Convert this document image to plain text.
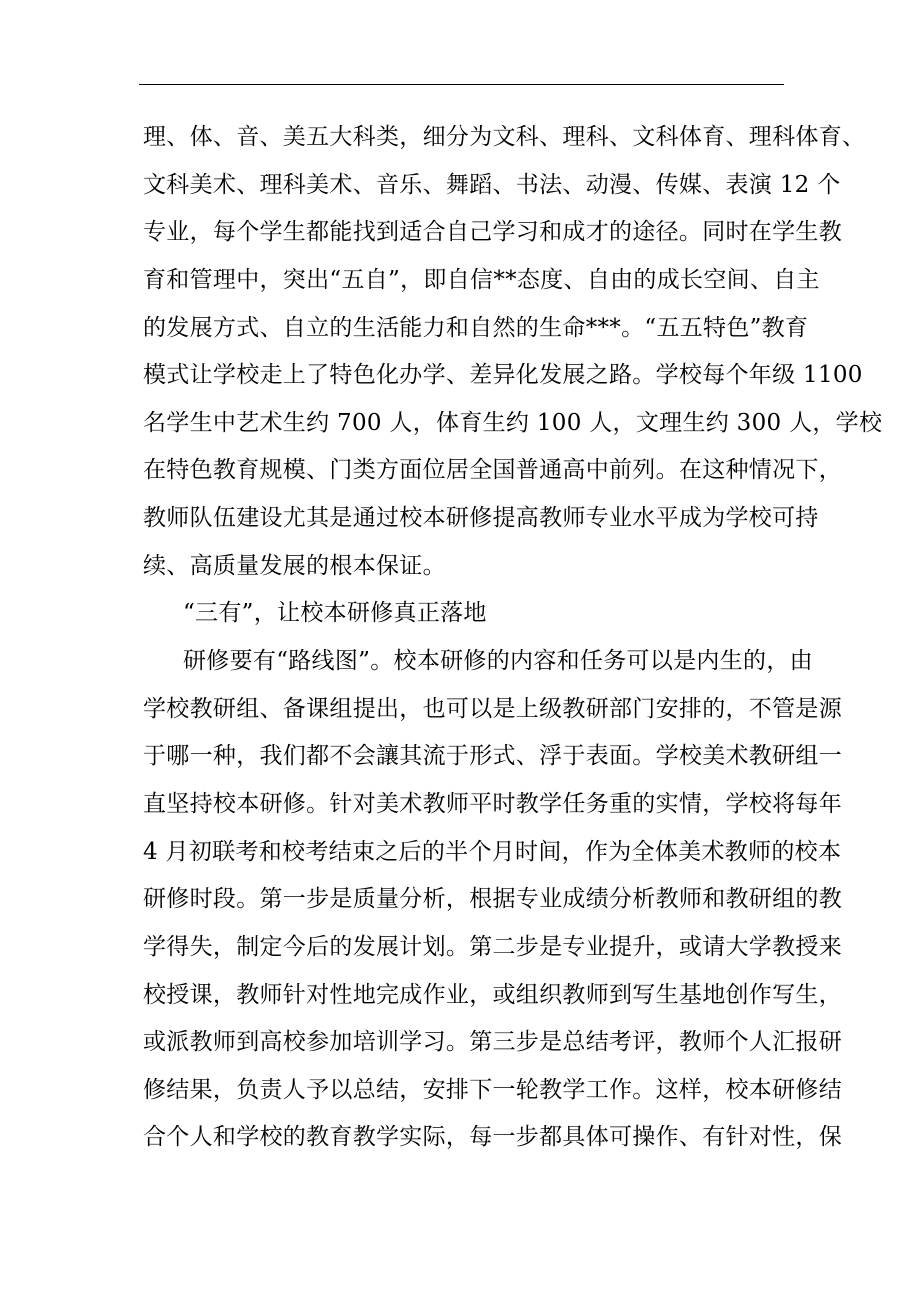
理、体、音、美五大科类，细分为文科、理科、文科体育、理科体育、
文科美术、理科美术、音乐、舞蹈、书法、动漫、传媒、表演 12 个
专业，每个学生都能找到适合自己学习和成才的途径。同时在学生教
育和管理中，突出“五自”，即自信**态度、自由的成长空间、自主
的发展方式、自立的生活能力和自然的生命***。“五五特色”教育
模式让学校走上了特色化办学、差异化发展之路。学校每个年级 1100
名学生中艺术生约 700 人，体育生约 100 人，文理生约 300 人，学校
在特色教育规模、门类方面位居全国普通高中前列。在这种情况下，
教师队伍建设尤其是通过校本研修提高教师专业水平成为学校可持
续、高质量发展的根本保证。
“三有”，让校本研修真正落地
研修要有“路线图”。校本研修的内容和任务可以是内生的，由
学校教研组、备课组提出，也可以是上级教研部门安排的，不管是源
于哪一种，我们都不会讓其流于形式、浮于表面。学校美术教研组一
直坚持校本研修。针对美术教师平时教学任务重的实情，学校将每年
4 月初联考和校考结束之后的半个月时间，作为全体美术教师的校本
研修时段。第一步是质量分析，根据专业成绩分析教师和教研组的教
学得失，制定今后的发展计划。第二步是专业提升，或请大学教授来
校授课，教师针对性地完成作业，或组织教师到写生基地创作写生，
或派教师到高校参加培训学习。第三步是总结考评，教师个人汇报研
修结果，负责人予以总结，安排下一轮教学工作。这样，校本研修结
合个人和学校的教育教学实际，每一步都具体可操作、有针对性，保
